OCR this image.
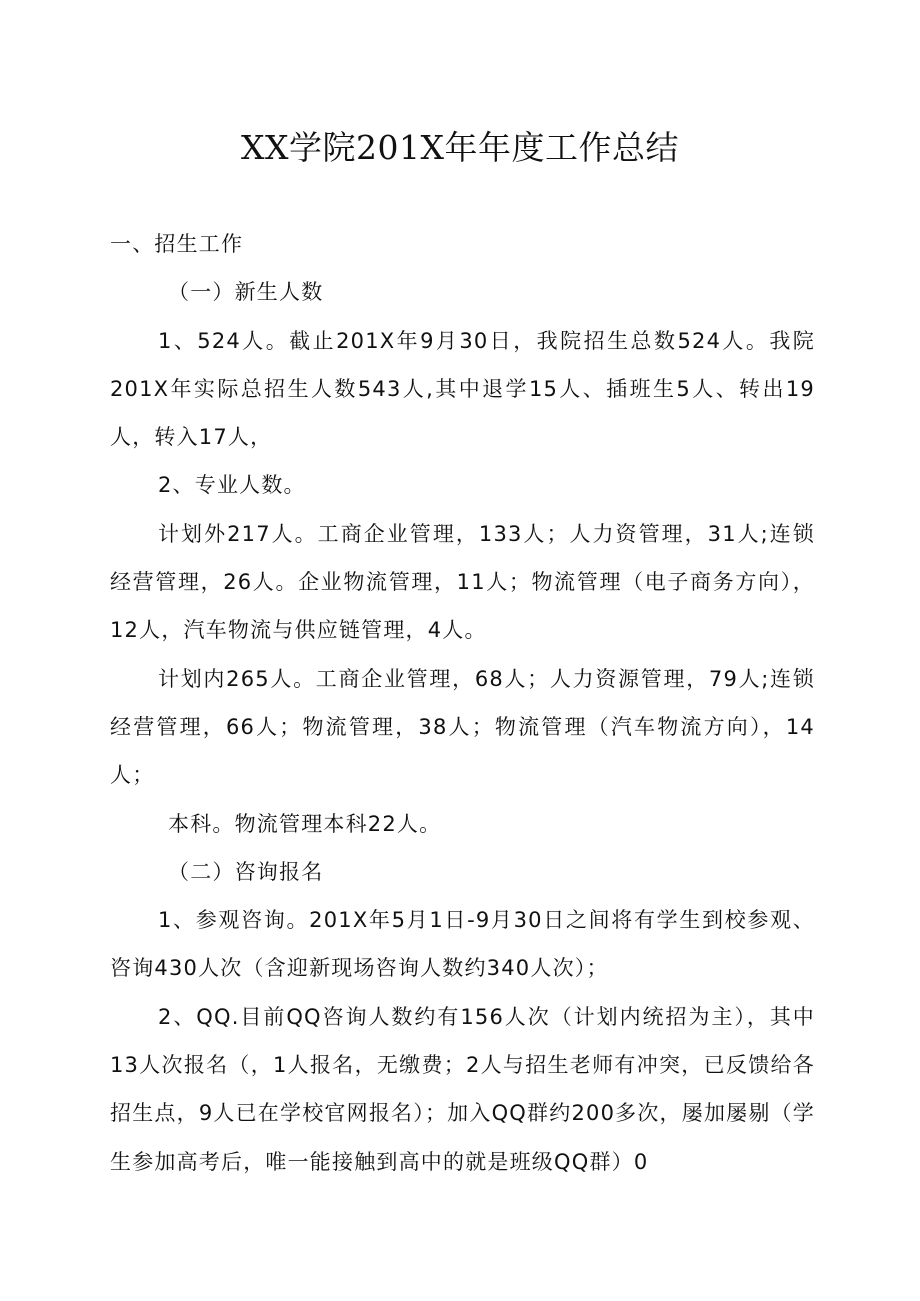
XX学院201X年年度工作总结

一、招生工作

（一）新生人数

1、524人。截止201X年9月30日，我院招生总数524人。我院201X年实际总招生人数543人,其中退学15人、插班生5人、转出19人，转入17人，

2、专业人数。

计划外217人。工商企业管理，133人；人力资管理，31人;连锁经营管理，26人。企业物流管理，11人；物流管理（电子商务方向），12人，汽车物流与供应链管理，4人。

计划内265人。工商企业管理，68人；人力资源管理，79人;连锁经营管理，66人；物流管理，38人；物流管理（汽车物流方向），14人；

本科。物流管理本科22人。

（二）咨询报名

1、参观咨询。201X年5月1日-9月30日之间将有学生到校参观、咨询430人次（含迎新现场咨询人数约340人次）；

2、QQ.目前QQ咨询人数约有156人次（计划内统招为主），其中13人次报名（，1人报名，无缴费；2人与招生老师有冲突，已反馈给各招生点，9人已在学校官网报名）；加入QQ群约200多次，屡加屡剔（学生参加高考后，唯一能接触到高中的就是班级QQ群）0
